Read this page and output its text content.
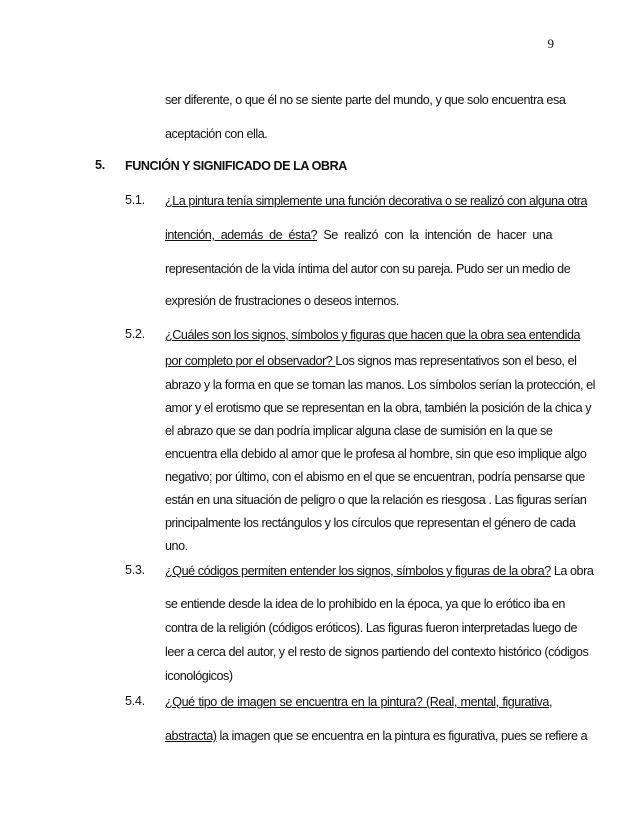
9
ser diferente, o que él no se siente parte del mundo, y que solo encuentra esa
aceptación con ella.
5. FUNCIÓN Y SIGNIFICADO DE LA OBRA
5.1. ¿La pintura tenía simplemente una función decorativa o se realizó con alguna otra
intención, además de ésta? Se realizó con la intención de hacer una
representación de la vida íntima del autor con su pareja. Pudo ser un medio de
expresión de frustraciones o deseos internos.
5.2. ¿Cuáles son los signos, símbolos y figuras que hacen que la obra sea entendida
por completo por el observador? Los signos mas representativos son el beso, el
abrazo y la forma en que se toman las manos. Los símbolos serían la protección, el
amor y el erotismo que se representan en la obra, también la posición de la chica y
el abrazo que se dan podría implicar alguna clase de sumisión en la que se
encuentra ella debido al amor que le profesa al hombre, sin que eso implique algo
negativo; por último, con el abismo en el que se encuentran, podría pensarse que
están en una situación de peligro o que la relación es riesgosa . Las figuras serían
principalmente los rectángulos y los círculos que representan el género de cada
uno.
5.3. ¿Qué códigos permiten entender los signos, símbolos y figuras de la obra? La obra
se entiende desde la idea de lo prohibido en la época, ya que lo erótico iba en
contra de la religión (códigos eróticos). Las figuras fueron interpretadas luego de
leer a cerca del autor, y el resto de signos partiendo del contexto histórico (códigos
iconológicos)
5.4. ¿Qué tipo de imagen se encuentra en la pintura? (Real, mental, figurativa,
abstracta) la imagen que se encuentra en la pintura es figurativa, pues se refiere a
